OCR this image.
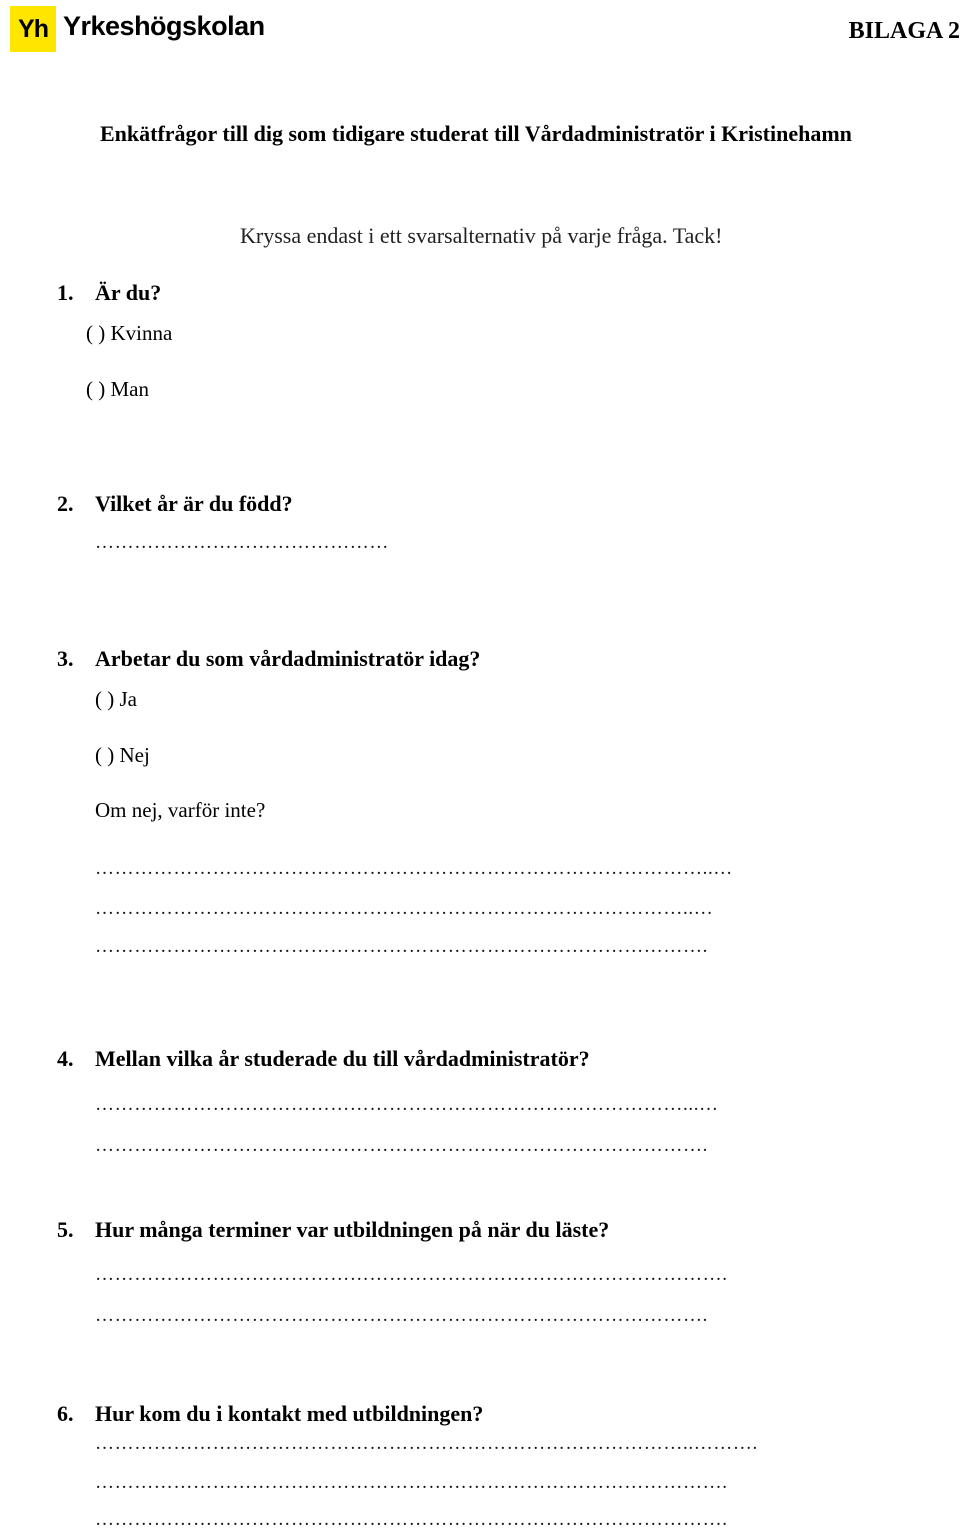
Yh Yrkeshögskolan	BILAGA 2
Enkätfrågor till dig som tidigare studerat till Vårdadministratör i Kristinehamn
Kryssa endast i ett svarsalternativ på varje fråga. Tack!
1. Är du?
( ) Kvinna
( ) Man
2. Vilket år är du född?
………………………………………
3. Arbetar du som vårdadministratör idag?
( ) Ja
( ) Nej
Om nej, varför inte?
…………………………………………………………………………………..…
………………………………………………………………………………..…
………………………………………………………………………………….
4. Mellan vilka år studerade du till vårdadministratör?
………………………………………………………………………………...…
………………………………………………………………………………….
5. Hur många terminer var utbildningen på när du läste?
…………………………………………………………………………………….
………………………………………………………………………………….
6. Hur kom du i kontakt med utbildningen?
………………………………………………………………………………..……….
…………………………………………………………………………………….
…………………………………………………………………………………….
